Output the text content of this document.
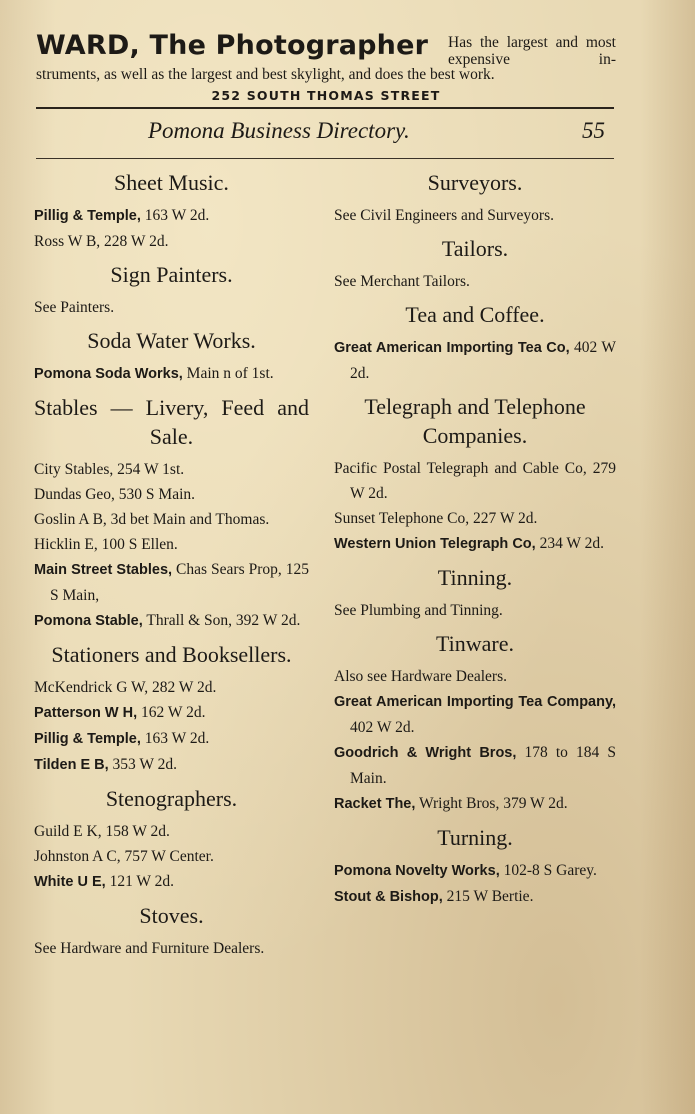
WARD, The Photographer Has the largest and most expensive in-
struments, as well as the largest and best skylight, and does the best work.
252 SOUTH THOMAS STREET
Pomona Business Directory.	55
Sheet Music.
Pillig & Temple, 163 W 2d.
Ross W B, 228 W 2d.
Sign Painters.
See Painters.
Soda Water Works.
Pomona Soda Works, Main n of 1st.
Stables — Livery, Feed and Sale.
City Stables, 254 W 1st.
Dundas Geo, 530 S Main.
Goslin A B, 3d bet Main and Thomas.
Hicklin E, 100 S Ellen.
Main Street Stables, Chas Sears Prop, 125 S Main,
Pomona Stable, Thrall & Son, 392 W 2d.
Stationers and Booksellers.
McKendrick G W, 282 W 2d.
Patterson W H, 162 W 2d.
Pillig & Temple, 163 W 2d.
Tilden E B, 353 W 2d.
Stenographers.
Guild E K, 158 W 2d.
Johnston A C, 757 W Center.
White U E, 121 W 2d.
Stoves.
See Hardware and Furniture Dealers.
Surveyors.
See Civil Engineers and Surveyors.
Tailors.
See Merchant Tailors.
Tea and Coffee.
Great American Importing Tea Co, 402 W 2d.
Telegraph and Telephone Companies.
Pacific Postal Telegraph and Cable Co, 279 W 2d.
Sunset Telephone Co, 227 W 2d.
Western Union Telegraph Co, 234 W 2d.
Tinning.
See Plumbing and Tinning.
Tinware.
Also see Hardware Dealers.
Great American Importing Tea Company, 402 W 2d.
Goodrich & Wright Bros, 178 to 184 S Main.
Racket The, Wright Bros, 379 W 2d.
Turning.
Pomona Novelty Works, 102-8 S Garey.
Stout & Bishop, 215 W Bertie.
